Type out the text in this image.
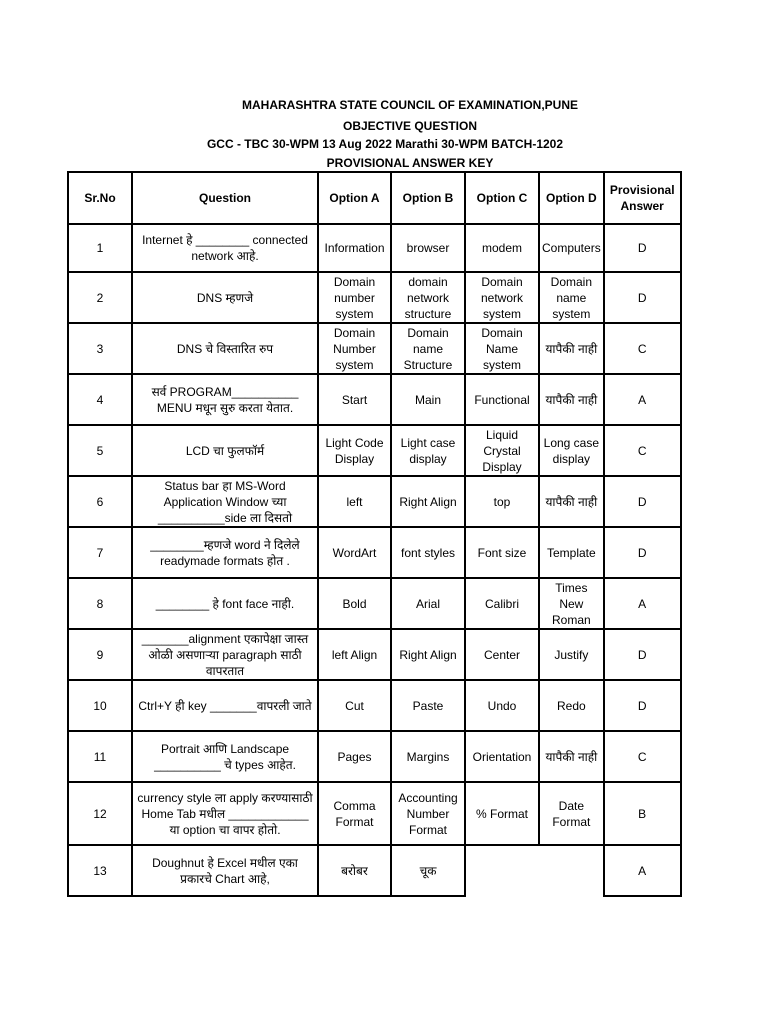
MAHARASHTRA STATE COUNCIL OF EXAMINATION,PUNE
OBJECTIVE QUESTION
GCC - TBC 30-WPM 13 Aug 2022 Marathi 30-WPM BATCH-1202
PROVISIONAL ANSWER KEY
Sr.No	Question	Option A	Option B	Option C	Option D	Provisional Answer
1	Internet हे ________ connected network आहे.	Information	browser	modem	Computers	D
2	DNS म्हणजे	Domain number system	domain network structure	Domain network system	Domain name system	D
3	DNS चे विस्तारित रुप	Domain Number system	Domain name Structure	Domain Name system	यापैकी नाही	C
4	सर्व PROGRAM__________ MENU मधून सुरु करता येतात.	Start	Main	Functional	यापैकी नाही	A
5	LCD चा फुलफॉर्म	Light Code Display	Light case display	Liquid Crystal Display	Long case display	C
6	Status bar हा MS-Word Application Window च्या __________side ला दिसतो	left	Right Align	top	यापैकी नाही	D
7	________म्हणजे word ने दिलेले readymade formats होत .	WordArt	font styles	Font size	Template	D
8	________ हे font face नाही.	Bold	Arial	Calibri	Times New Roman	A
9	_______alignment एकापेक्षा जास्त ओळी असणाऱ्या paragraph साठी वापरतात	left Align	Right Align	Center	Justify	D
10	Ctrl+Y ही key _______वापरली जाते	Cut	Paste	Undo	Redo	D
11	Portrait आणि Landscape __________ चे types आहेत.	Pages	Margins	Orientation	यापैकी नाही	C
12	currency style ला apply करण्यासाठी Home Tab मधील ____________ या option चा वापर होतो.	Comma Format	Accounting Number Format	% Format	Date Format	B
13	Doughnut हे Excel मधील एका प्रकारचे Chart आहे,	बरोबर	चूक			A
